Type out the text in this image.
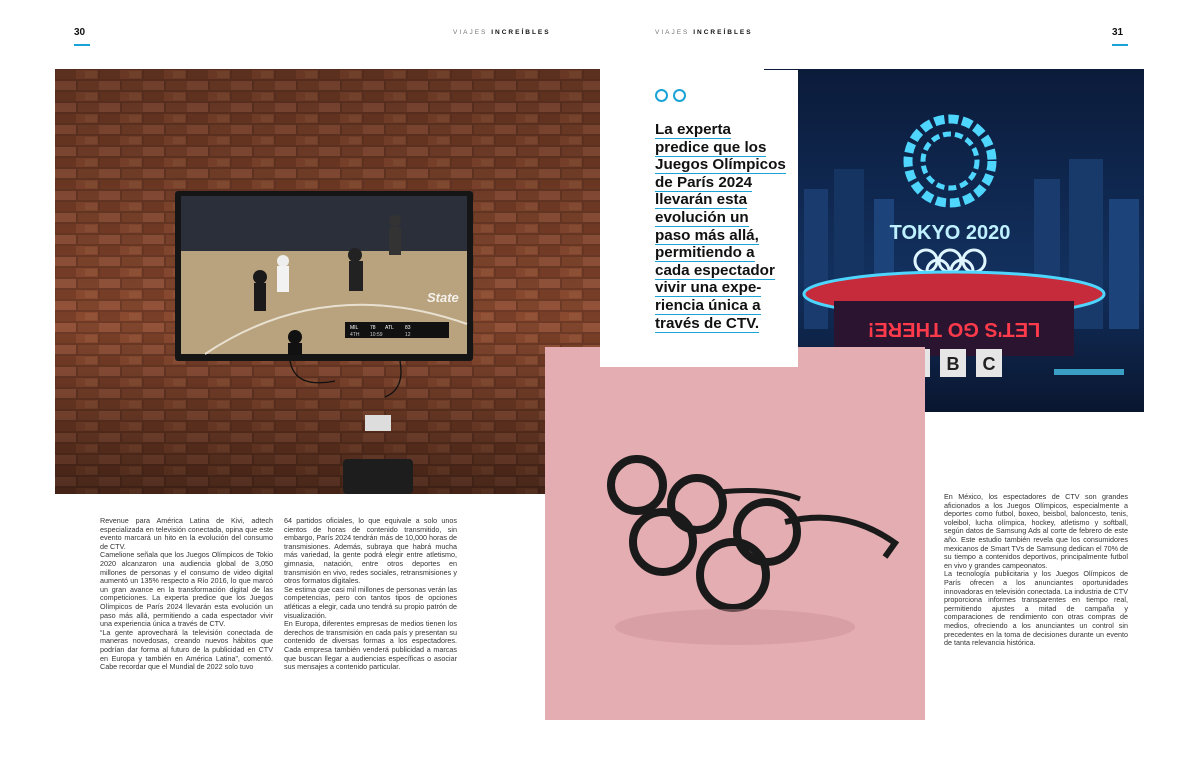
30	31
VIAJES INCREÍBLES	VIAJES INCREÍBLES
State
MIL 78 ATL 83
4TH 10:59	12
TOKYO 2020
LET'S GO THERE!
B C
La experta
predice que los
Juegos Olímpicos
de París 2024
llevarán esta
evolución un
paso más allá,
permitiendo a
cada espectador
vivir una expe-
riencia única a
través de CTV.

Revenue para América Latina de Kivi, adtech especializada en televisión conectada, opina que este evento marcará un hito en la evolución del consumo de CTV.

Camelione señala que los Juegos Olímpicos de Tokio 2020 alcanzaron una audiencia global de 3,050 millones de personas y el consumo de video digital aumentó un 135% respecto a Río 2016, lo que marcó un gran avance en la transformación digital de las competiciones. La experta predice que los Juegos Olímpicos de París 2024 llevarán esta evolución un paso más allá, permitiendo a cada espectador vivir una experiencia única a través de CTV.

“La gente aprovechará la televisión conectada de maneras novedosas, creando nuevos hábitos que podrían dar forma al futuro de la publicidad en CTV en Europa y también en América Latina”, comentó. Cabe recordar que el Mundial de 2022 solo tuvo

64 partidos oficiales, lo que equivale a solo unos cientos de horas de contenido transmitido, sin embargo, París 2024 tendrán más de 10,000 horas de transmisiones. Además, subraya que habrá mucha más variedad, la gente podrá elegir entre atletismo, gimnasia, natación, entre otros deportes en transmisión en vivo, redes sociales, retransmisiones y otros formatos digitales.

Se estima que casi mil millones de personas verán las competencias, pero con tantos tipos de opciones atléticas a elegir, cada uno tendrá su propio patrón de visualización.

En Europa, diferentes empresas de medios tienen los derechos de transmisión en cada país y presentan su contenido de diversas formas a los espectadores. Cada empresa también venderá publicidad a marcas que buscan llegar a audiencias específicas o asociar sus mensajes a contenido particular.

En México, los espectadores de CTV son grandes aficionados a los Juegos Olímpicos, especialmente a deportes como futbol, boxeo, beisbol, baloncesto, tenis, voleibol, lucha olímpica, hockey, atletismo y softball, según datos de Samsung Ads al corte de febrero de este año. Este estudio también revela que los consumidores mexicanos de Smart TVs de Samsung dedican el 70% de su tiempo a contenidos deportivos, principalmente futbol en vivo y grandes campeonatos.

La tecnología publicitaria y los Juegos Olímpicos de París ofrecen a los anunciantes oportunidades innovadoras en televisión conectada. La industria de CTV proporciona informes transparentes en tiempo real, permitiendo ajustes a mitad de campaña y comparaciones de rendimiento con otras compras de medios, ofreciendo a los anunciantes un control sin precedentes en la toma de decisiones durante un evento de tanta relevancia histórica.
